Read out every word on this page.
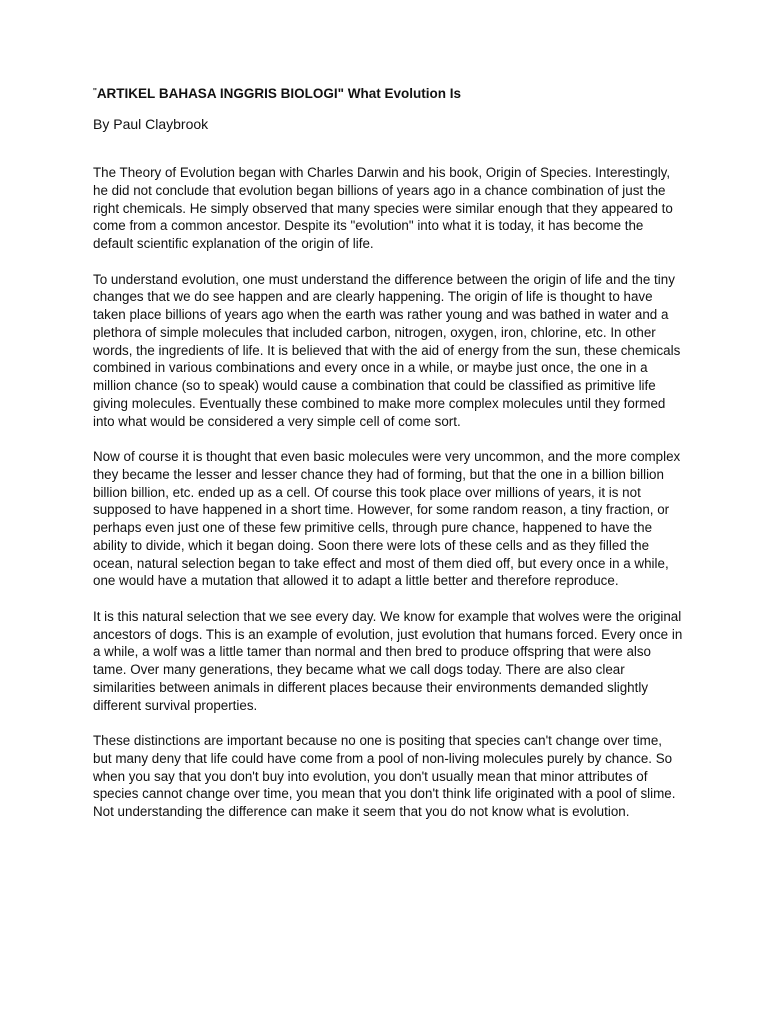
''ARTIKEL BAHASA INGGRIS BIOLOGI" What Evolution Is
By Paul Claybrook

The Theory of Evolution began with Charles Darwin and his book, Origin of Species. Interestingly, he did not conclude that evolution began billions of years ago in a chance combination of just the right chemicals. He simply observed that many species were similar enough that they appeared to come from a common ancestor. Despite its "evolution" into what it is today, it has become the default scientific explanation of the origin of life.

To understand evolution, one must understand the difference between the origin of life and the tiny changes that we do see happen and are clearly happening. The origin of life is thought to have taken place billions of years ago when the earth was rather young and was bathed in water and a plethora of simple molecules that included carbon, nitrogen, oxygen, iron, chlorine, etc. In other words, the ingredients of life. It is believed that with the aid of energy from the sun, these chemicals combined in various combinations and every once in a while, or maybe just once, the one in a million chance (so to speak) would cause a combination that could be classified as primitive life giving molecules. Eventually these combined to make more complex molecules until they formed into what would be considered a very simple cell of come sort.

Now of course it is thought that even basic molecules were very uncommon, and the more complex they became the lesser and lesser chance they had of forming, but that the one in a billion billion billion billion, etc. ended up as a cell. Of course this took place over millions of years, it is not supposed to have happened in a short time. However, for some random reason, a tiny fraction, or perhaps even just one of these few primitive cells, through pure chance, happened to have the ability to divide, which it began doing. Soon there were lots of these cells and as they filled the ocean, natural selection began to take effect and most of them died off, but every once in a while, one would have a mutation that allowed it to adapt a little better and therefore reproduce.

It is this natural selection that we see every day. We know for example that wolves were the original ancestors of dogs. This is an example of evolution, just evolution that humans forced. Every once in a while, a wolf was a little tamer than normal and then bred to produce offspring that were also tame. Over many generations, they became what we call dogs today. There are also clear similarities between animals in different places because their environments demanded slightly different survival properties.

These distinctions are important because no one is positing that species can't change over time, but many deny that life could have come from a pool of non-living molecules purely by chance. So when you say that you don't buy into evolution, you don't usually mean that minor attributes of species cannot change over time, you mean that you don't think life originated with a pool of slime. Not understanding the difference can make it seem that you do not know what is evolution.
